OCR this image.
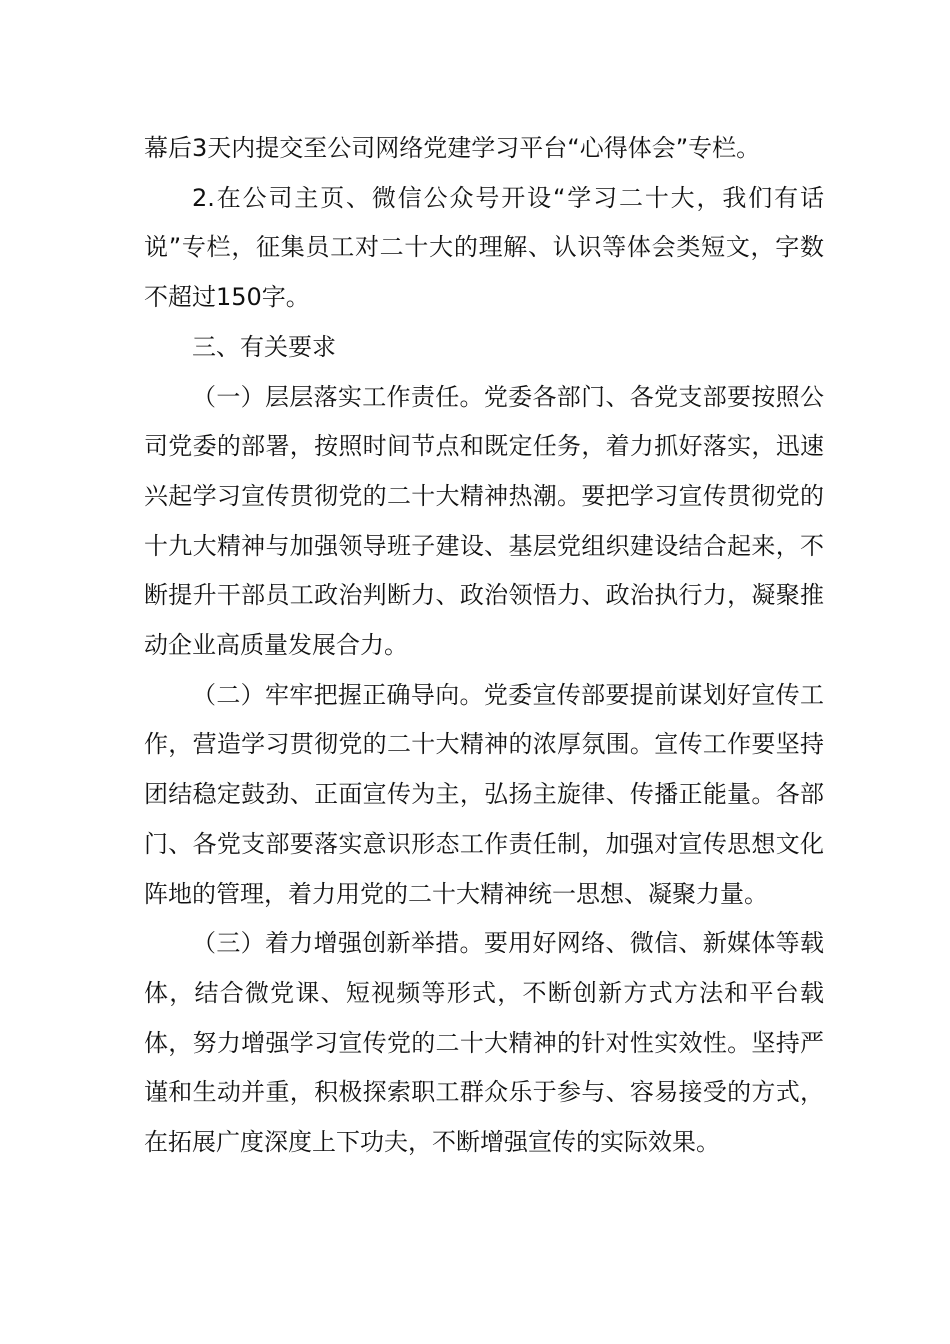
幕后3天内提交至公司网络党建学习平台“心得体会”专栏。

2.在公司主页、微信公众号开设“学习二十大，我们有话说”专栏，征集员工对二十大的理解、认识等体会类短文，字数不超过150字。

三、有关要求

（一）层层落实工作责任。党委各部门、各党支部要按照公司党委的部署，按照时间节点和既定任务，着力抓好落实，迅速兴起学习宣传贯彻党的二十大精神热潮。要把学习宣传贯彻党的十九大精神与加强领导班子建设、基层党组织建设结合起来，不断提升干部员工政治判断力、政治领悟力、政治执行力，凝聚推动企业高质量发展合力。

（二）牢牢把握正确导向。党委宣传部要提前谋划好宣传工作，营造学习贯彻党的二十大精神的浓厚氛围。宣传工作要坚持团结稳定鼓劲、正面宣传为主，弘扬主旋律、传播正能量。各部门、各党支部要落实意识形态工作责任制，加强对宣传思想文化阵地的管理，着力用党的二十大精神统一思想、凝聚力量。

（三）着力增强创新举措。要用好网络、微信、新媒体等载体，结合微党课、短视频等形式，不断创新方式方法和平台载体，努力增强学习宣传党的二十大精神的针对性实效性。坚持严谨和生动并重，积极探索职工群众乐于参与、容易接受的方式，在拓展广度深度上下功夫，不断增强宣传的实际效果。
